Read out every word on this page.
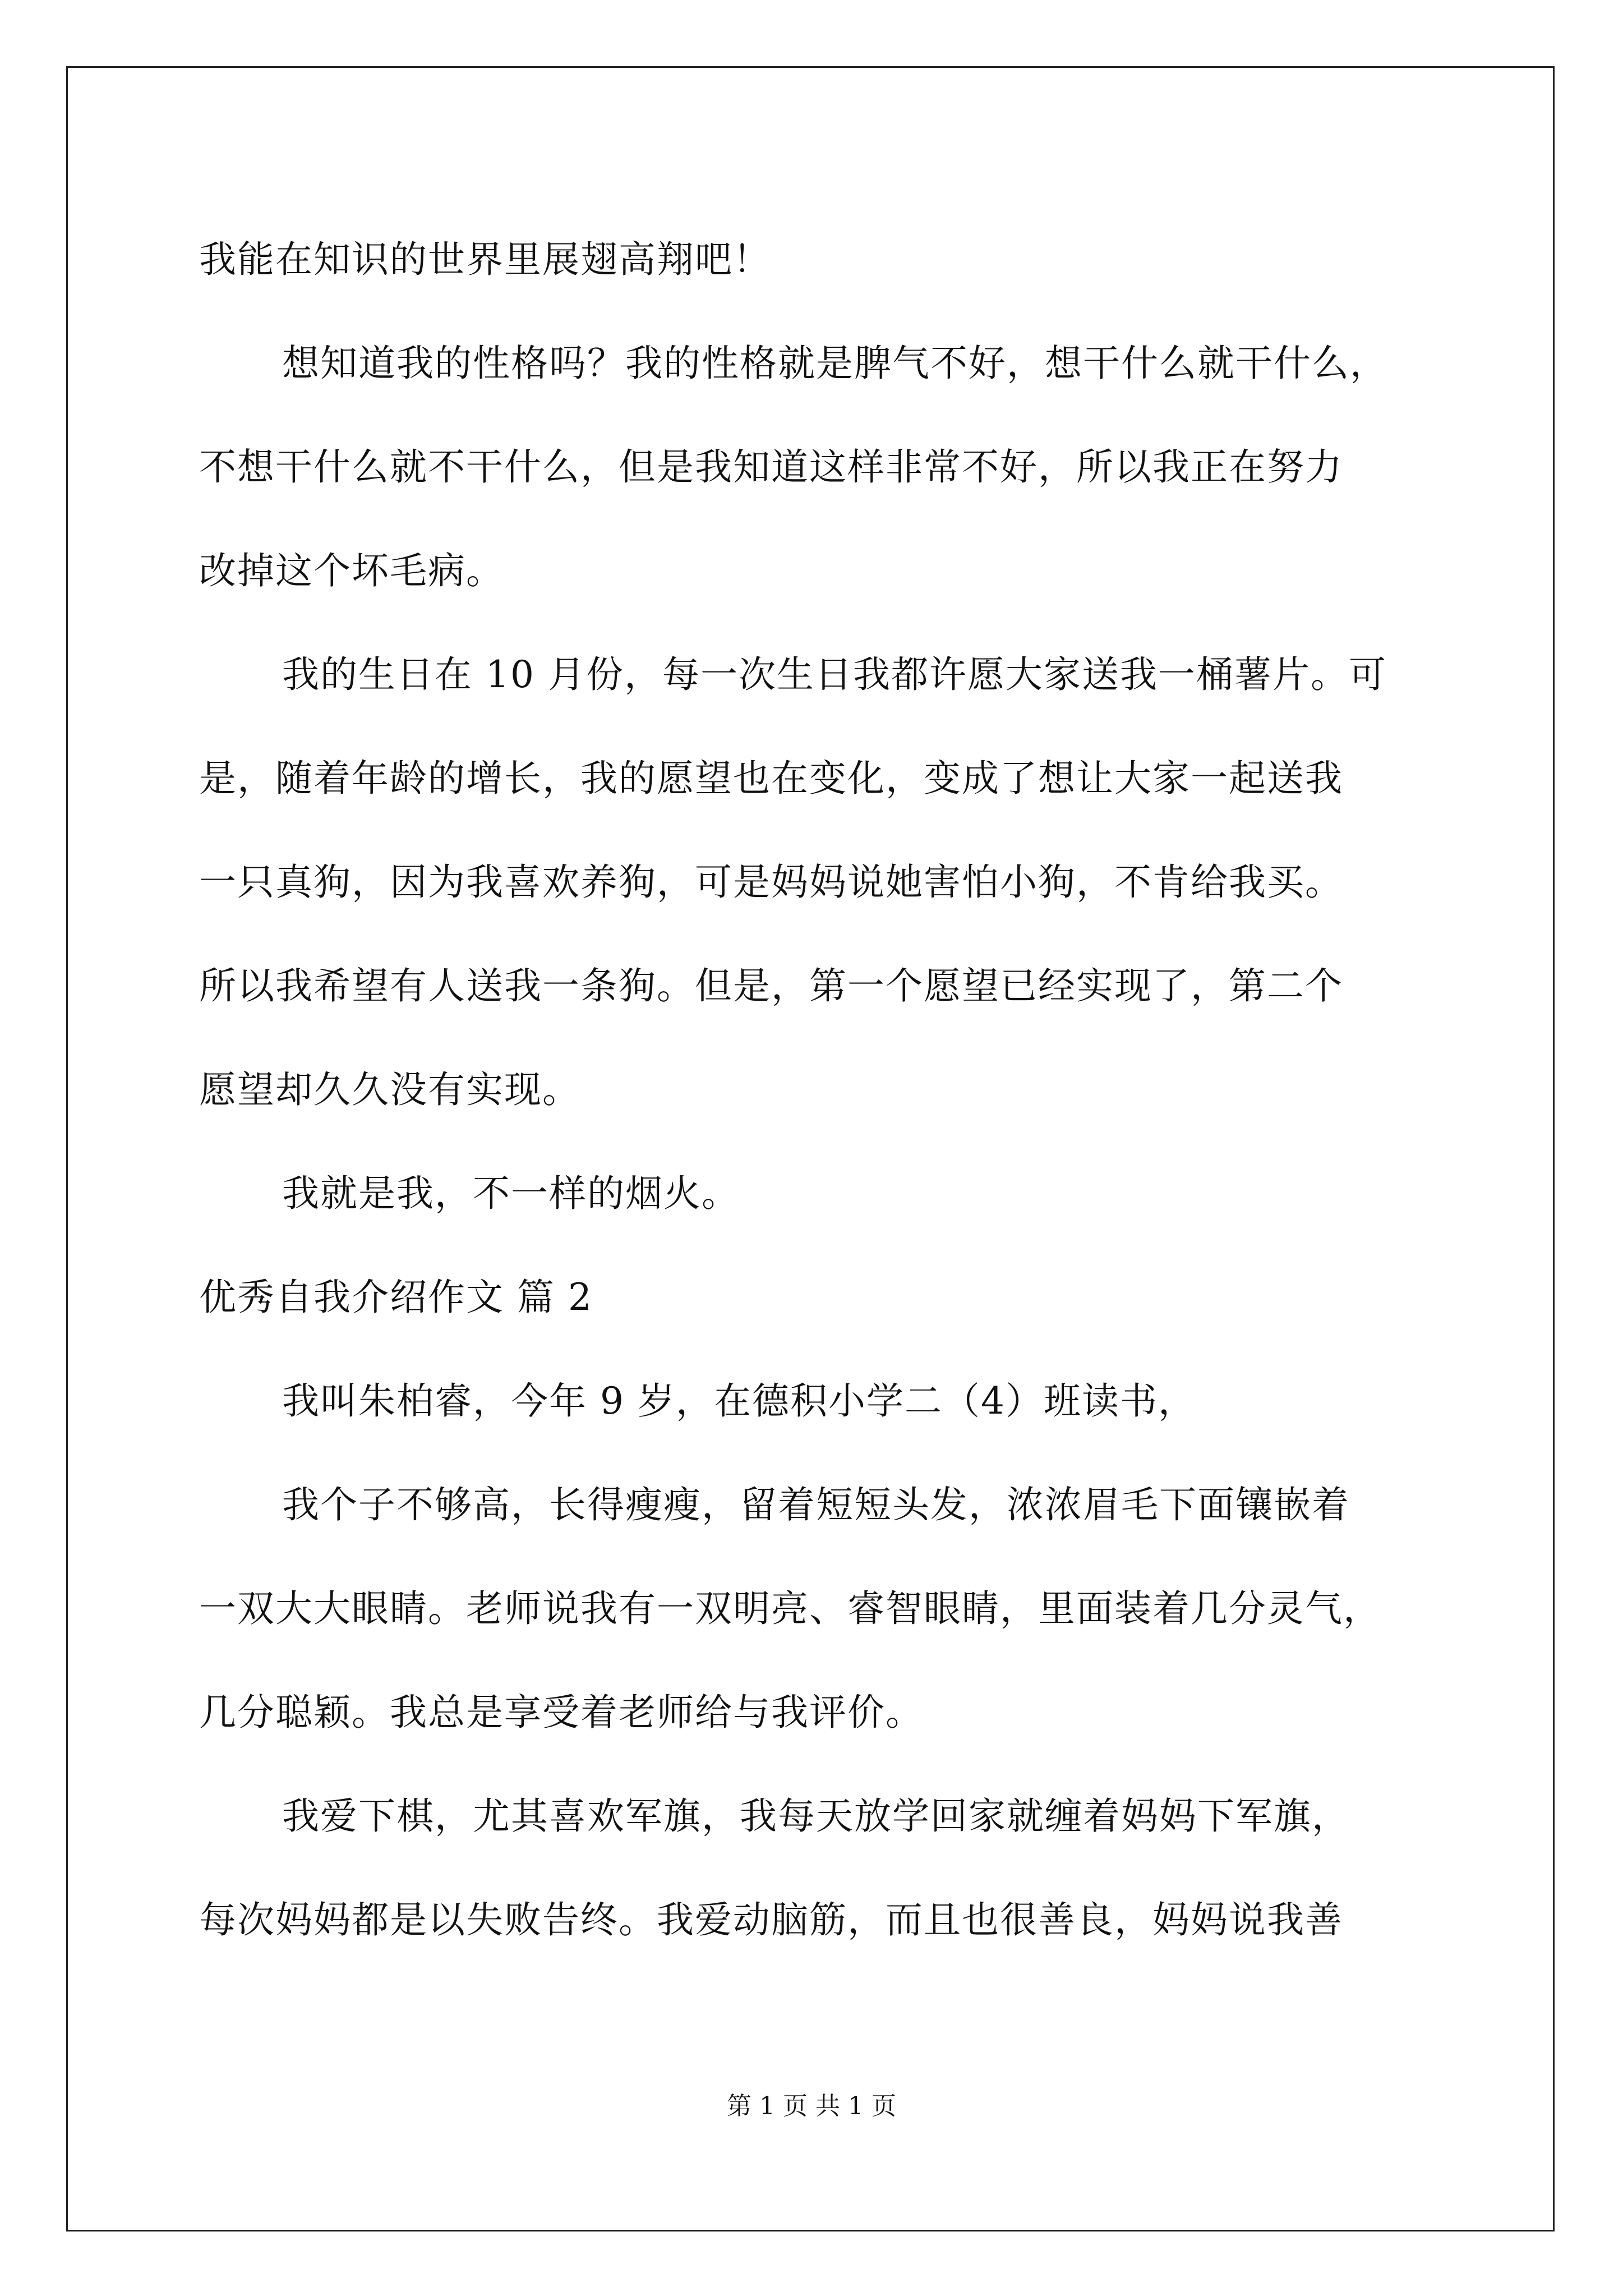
我能在知识的世界里展翅高翔吧！
想知道我的性格吗？我的性格就是脾气不好，想干什么就干什么，
不想干什么就不干什么，但是我知道这样非常不好，所以我正在努力
改掉这个坏毛病。
我的生日在 10 月份，每一次生日我都许愿大家送我一桶薯片。可
是，随着年龄的增长，我的愿望也在变化，变成了想让大家一起送我
一只真狗，因为我喜欢养狗，可是妈妈说她害怕小狗，不肯给我买。
所以我希望有人送我一条狗。但是，第一个愿望已经实现了，第二个
愿望却久久没有实现。
我就是我，不一样的烟火。
优秀自我介绍作文 篇 2
我叫朱柏睿，今年 9 岁，在德积小学二（4）班读书，
我个子不够高，长得瘦瘦，留着短短头发，浓浓眉毛下面镶嵌着
一双大大眼睛。老师说我有一双明亮、睿智眼睛，里面装着几分灵气，
几分聪颖。我总是享受着老师给与我评价。
我爱下棋，尤其喜欢军旗，我每天放学回家就缠着妈妈下军旗，
每次妈妈都是以失败告终。我爱动脑筋，而且也很善良，妈妈说我善
第 1 页 共 1 页
